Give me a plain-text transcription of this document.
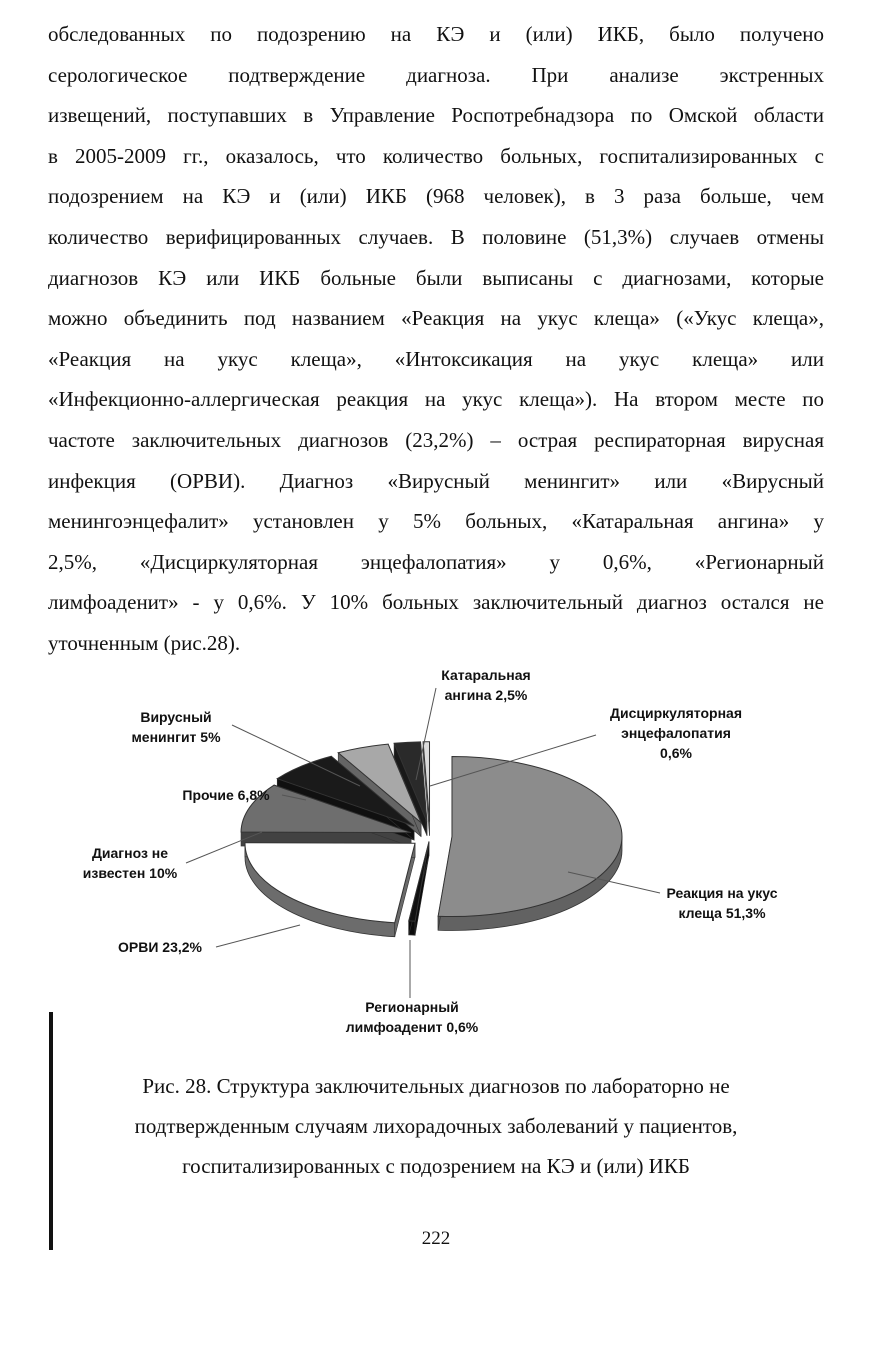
обследованных по подозрению на КЭ и (или) ИКБ, было получено
серологическое подтверждение диагноза. При анализе экстренных
извещений, поступавших в Управление Роспотребнадзора по Омской области
в 2005-2009 гг., оказалось, что количество больных, госпитализированных с
подозрением на КЭ и (или) ИКБ (968 человек), в 3 раза больше, чем
количество верифицированных случаев. В половине (51,3%) случаев отмены
диагнозов КЭ или ИКБ больные были выписаны с диагнозами, которые
можно объединить под названием «Реакция на укус клеща» («Укус клеща»,
«Реакция на укус клеща», «Интоксикация на укус клеща» или
«Инфекционно-аллергическая реакция на укус клеща»). На втором месте по
частоте заключительных диагнозов (23,2%) – острая респираторная вирусная
инфекция (ОРВИ). Диагноз «Вирусный менингит» или «Вирусный
менингоэнцефалит» установлен у 5% больных, «Катаральная ангина» у
2,5%, «Дисциркуляторная энцефалопатия» у 0,6%, «Регионарный
лимфоаденит» - у 0,6%. У 10% больных заключительный диагноз остался не
уточненным (рис.28).
Реакция на укус клеща 51,3%
Регионарный лимфоаденит 0,6%
ОРВИ 23,2%
Диагноз не известен 10%
Прочие 6,8%
Вирусный менингит 5%
Катаральная ангина 2,5%
Дисциркуляторная энцефалопатия 0,6%
Рис. 28. Структура заключительных диагнозов по лабораторно не
подтвержденным случаям лихорадочных заболеваний у пациентов,
госпитализированных с подозрением на КЭ и (или) ИКБ
222
